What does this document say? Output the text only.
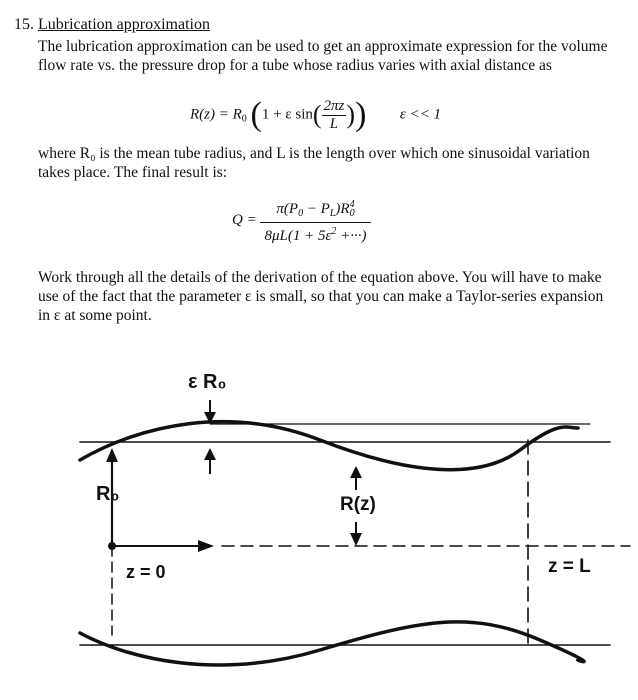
15. Lubrication approximation
The lubrication approximation can be used to get an approximate expression for the volume flow rate vs. the pressure drop for a tube whose radius varies with axial distance as
$R(z) = R_0$ (1 + ε $\sin( \frac{2\pi z}{L}$ )) ε << 1
where R₀ is the mean tube radius, and L is the length over which one sinusoidal variation takes place. The final result is:
$Q = \frac{\pi(P_0 - P_L)R_0^4}{8\mu L(1 + 5\varepsilon^2 +\cdot\cdot\cdot)}$
Work through all the details of the derivation of the equation above. You will have to make use of the fact that the parameter ε is small, so that you can make a Taylor-series expansion in ε at some point.
ε R₀
R₀	R(z)
z = 0	z = L
